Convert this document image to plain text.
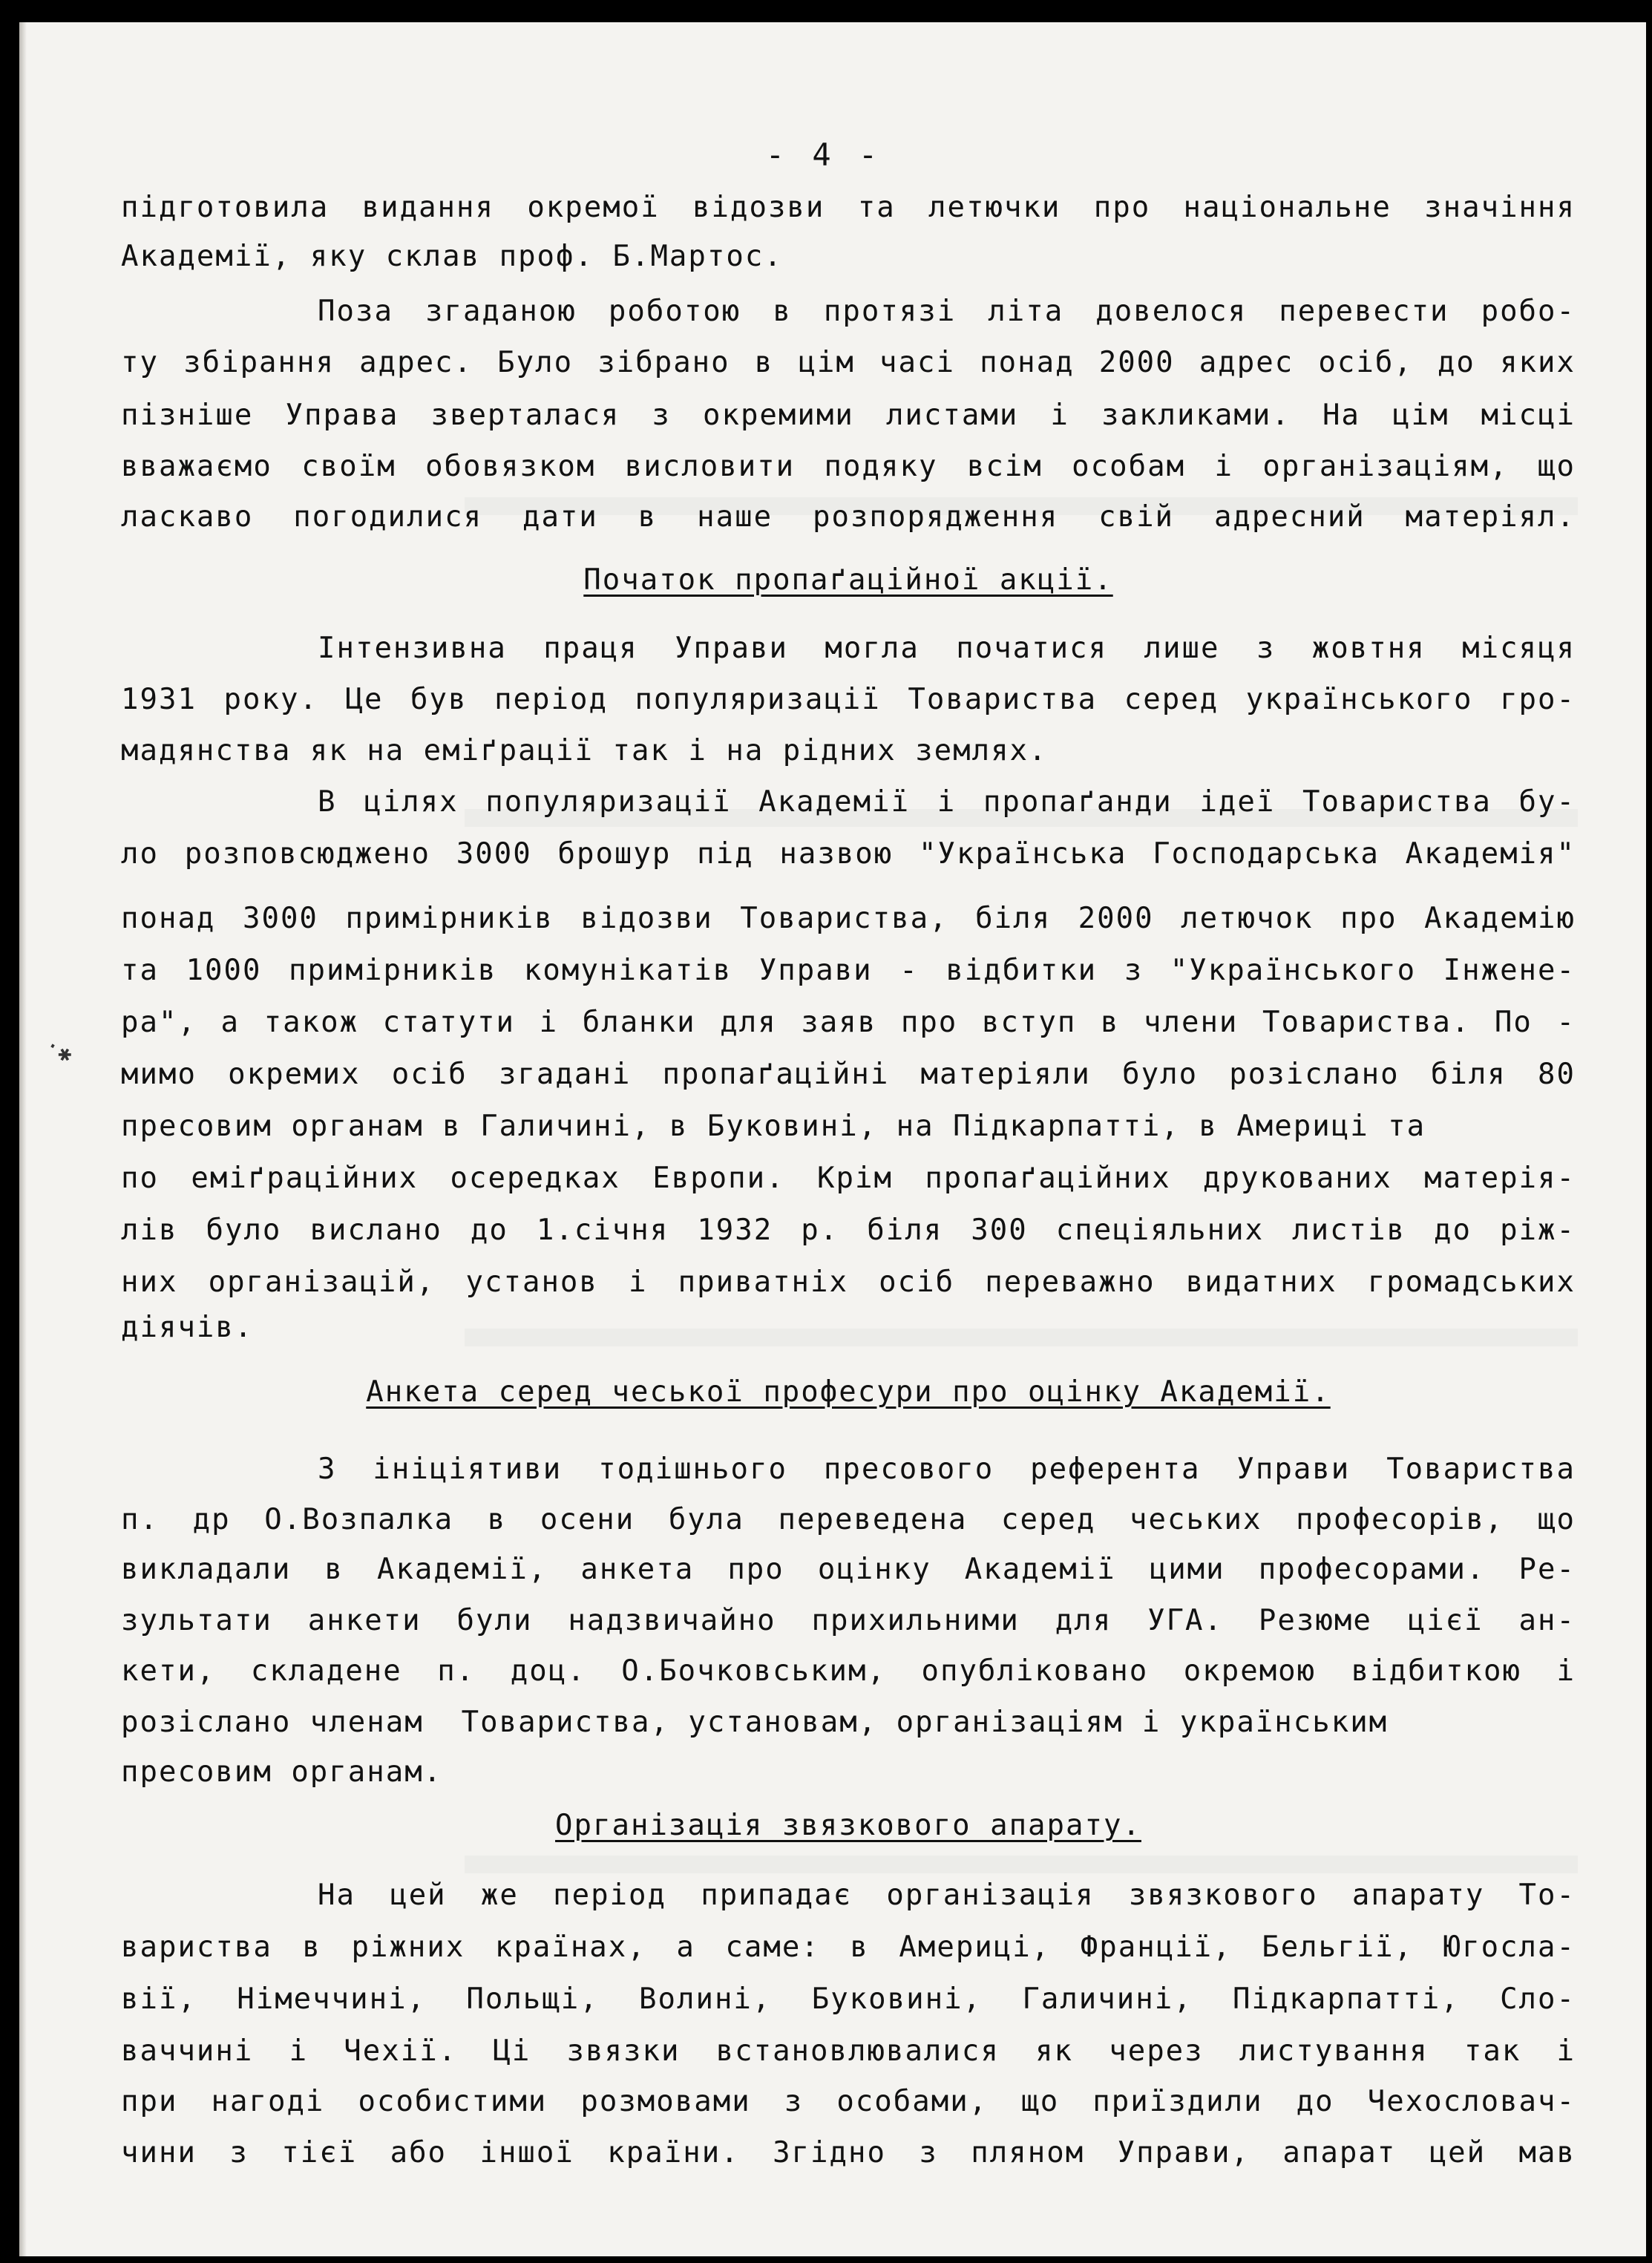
- 4 -
·✱
підготовила видання окремої відозви та летючки про національне значіння
Академії, яку склав проф. Б.Мартос.
Поза згаданою роботою в протязі літа довелося перевести робо-
ту збірання адрес. Було зібрано в цім часі понад 2000 адрес осіб, до яких
пізніше Управа зверталася з окремими листами і закликами. На цім місці
вважаємо своїм обовязком висловити подяку всім особам і організаціям, що
ласкаво погодилися дати в наше розпорядження свій адресний матеріял.
Початок пропаґаційної акції.
Інтензивна праця Управи могла початися лише з жовтня місяця
1931 року. Це був період популяризації Товариства серед українського гро-
мадянства як на еміґрації так і на рідних землях.
В цілях популяризації Академії і пропаґанди ідеї Товариства бу-
ло розповсюджено 3000 брошур під назвою "Українська Господарська Академія"
понад 3000 примірників відозви Товариства, біля 2000 летючок про Академію
та 1000 примірників комунікатів Управи - відбитки з "Українського Інжене-
ра", а також статути і бланки для заяв про вступ в члени Товариства. По -
мимо окремих осіб згадані пропаґаційні матеріяли було розіслано біля 80
пресовим органам в Галичині, в Буковині, на Підкарпатті, в Америці та
по еміґраційних осередках Европи. Крім пропаґаційних друкованих матерія-
лів було вислано до 1.січня 1932 р. біля 300 спеціяльних листів до ріж-
них організацій, установ і приватніх осіб переважно видатних громадських
діячів.
Анкета серед чеської професури про оцінку Академії.
З ініціятиви тодішнього пресового референта Управи Товариства
п. др О.Возпалка в осени була переведена серед чеських професорів, що
викладали в Академії, анкета про оцінку Академії цими професорами. Ре-
зультати анкети були надзвичайно прихильними для УГА. Резюме цієї ан-
кети, складене п. доц. О.Бочковським, опубліковано окремою відбиткою і
розіслано членам  Товариства, установам, організаціям і українським
пресовим органам.
Організація звязкового апарату.
На цей же період припадає організація звязкового апарату То-
вариства в ріжних країнах, а саме: в Америці, Франції, Бельгії, Югосла-
вії, Німеччині, Польщі, Волині, Буковині, Галичині, Підкарпатті, Сло-
ваччині і Чехії. Ці звязки встановлювалися як через листування так і
при нагоді особистими розмовами з особами, що приїздили до Чехословач-
чини з тієї або іншої країни. Згідно з пляном Управи, апарат цей мав
